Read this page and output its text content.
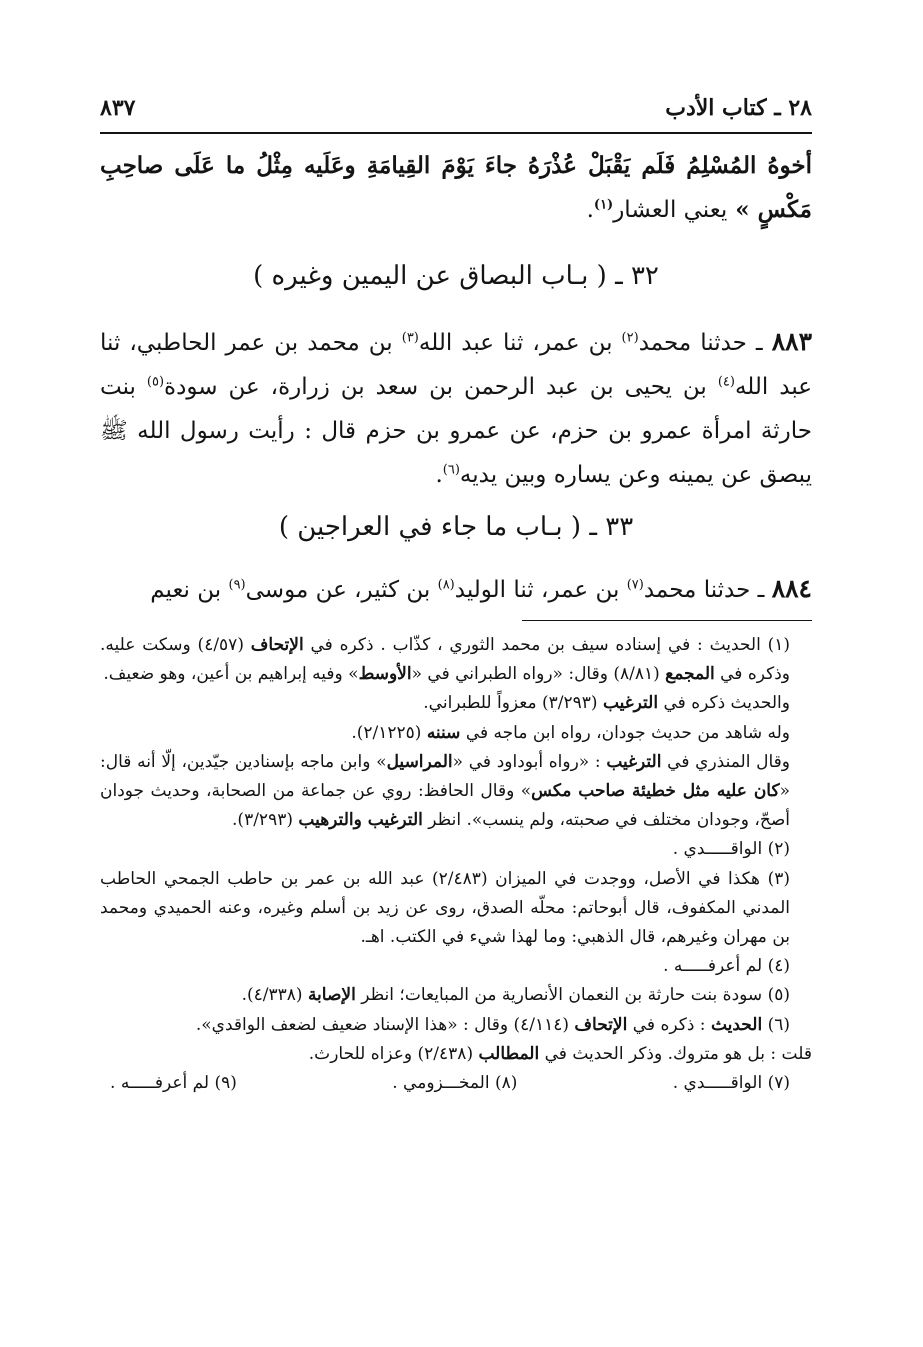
٢٨ ـ كتاب الأدب
٨٣٧

أخوهُ المُسْلِمُ فَلَم يَقْبَلْ عُذْرَهُ جاءَ يَوْمَ القِيامَةِ وعَلَيه مِثْلُ ما عَلَى صاحِبِ مَكْسٍ » يعني العشار$^{(١)}$.

٣٢ ـ ( بـاب البصاق عن اليمين وغيره )

٨٨٣ ـ حدثنا محمد$^{(٢)}$ بن عمر، ثنا عبد الله$^{(٣)}$ بن محمد بن عمر الحاطبي، ثنا عبد الله$^{(٤)}$ بن يحيى بن عبد الرحمن بن سعد بن زرارة، عن سودة$^{(٥)}$ بنت حارثة امرأة عمرو بن حزم، عن عمرو بن حزم قال : رأيت رسول الله ﷺ يبصق عن يمينه وعن يساره وبين يديه$^{(٦)}$.

٣٣ ـ ( بـاب ما جاء في العراجين )

٨٨٤ ـ حدثنا محمد$^{(٧)}$ بن عمر، ثنا الوليد$^{(٨)}$ بن كثير، عن موسى$^{(٩)}$ بن نعيم

(١) الحديث : في إسناده سيف بن محمد الثوري ، كذّاب . ذكره في الإتحاف (٤/٥٧) وسكت عليه. وذكره في المجمع (٨/٨١) وقال: «رواه الطبراني في «الأوسط» وفيه إبراهيم بن أعين، وهو ضعيف.

والحديث ذكره في الترغيب (٣/٢٩٣) معزواً للطبراني.

وله شاهد من حديث جودان، رواه ابن ماجه في سننه (٢/١٢٢٥).

وقال المنذري في الترغيب : «رواه أبوداود في «المراسيل» وابن ماجه بإسنادين جيّدين، إلّا أنه قال: «كان عليه مثل خطيئة صاحب مكس» وقال الحافظ: روي عن جماعة من الصحابة، وحديث جودان أصحّ، وجودان مختلف في صحبته، ولم ينسب». انظر الترغيب والترهيب (٣/٢٩٣).

(٢) الواقـــــدي .

(٣) هكذا في الأصل، ووجدت في الميزان (٢/٤٨٣) عبد الله بن عمر بن حاطب الجمحي الحاطب المدني المكفوف، قال أبوحاتم: محلّه الصدق، روى عن زيد بن أسلم وغيره، وعنه الحميدي ومحمد بن مهران وغيرهم، قال الذهبي: وما لهذا شيء في الكتب. اهـ.

(٤) لم أعرفـــــه .

(٥) سودة بنت حارثة بن النعمان الأنصارية من المبايعات؛ انظر الإصابة (٤/٣٣٨).

(٦) الحديث : ذكره في الإتحاف (٤/١١٤) وقال : «هذا الإسناد ضعيف لضعف الواقدي».

قلت : بل هو متروك. وذكر الحديث في المطالب (٢/٤٣٨) وعزاه للحارث.

(٧) الواقـــــدي .
(٨) المخـــزومي .
(٩) لم أعرفـــــه .
